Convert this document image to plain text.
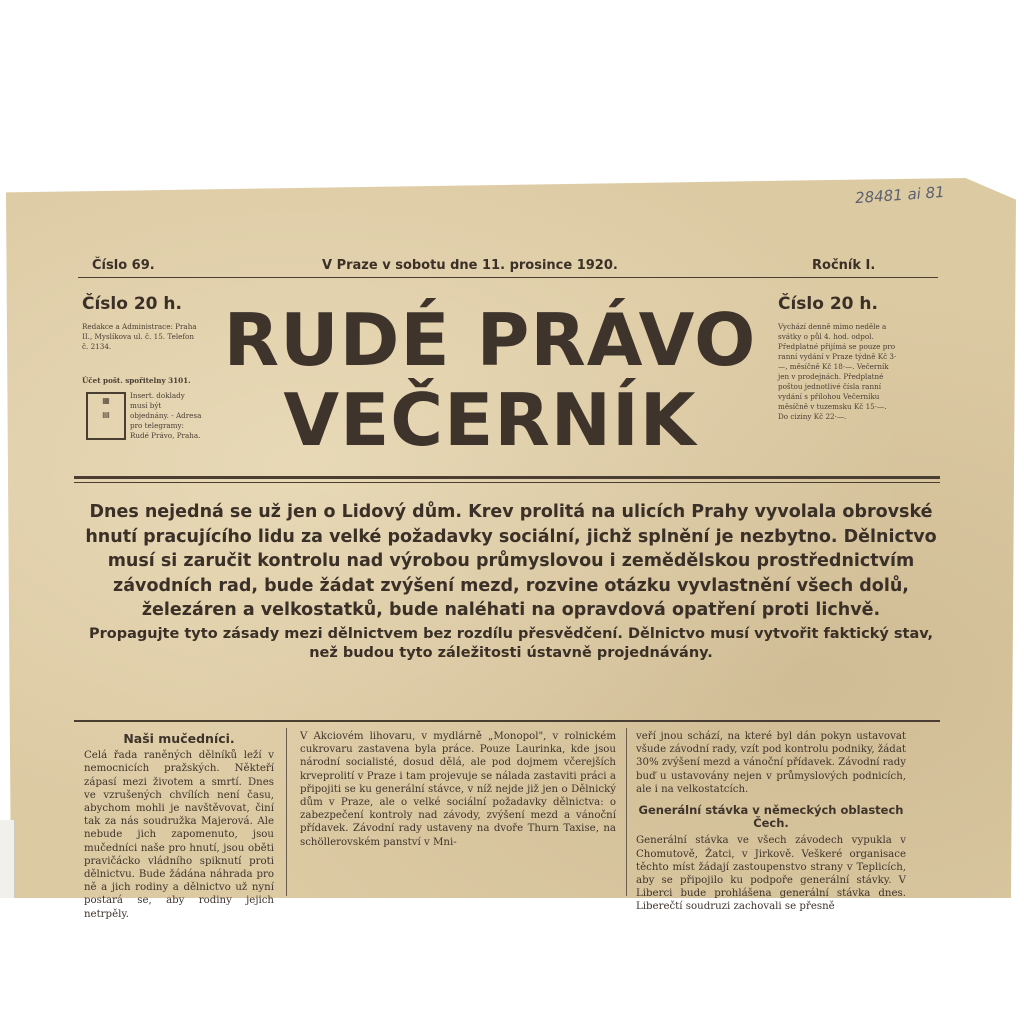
28481 ai 81
Číslo 69.	V Praze v sobotu dne 11. prosince 1920.	Ročník I.
Číslo 20 h.	Číslo 20 h.
Redakce a Administrace: Praha II., Myslíkova ul. č. 15. Telefon č. 2134.
Účet pošt. spořitelny 3101.
▦
▤
Insert. doklady musí být objednány. - Adresa pro telegramy: Rudé Právo, Praha.
Vychází denně mimo neděle a svátky o půl 4. hod. odpol. Předplatné přijímá se pouze pro ranní vydání v Praze týdně Kč 3·—, měsíčně Kč 18·—. Večerník jen v prodejnách. Předplatné poštou jednotlivé čísla ranní vydání s přílohou Večerníku měsíčně v tuzemsku Kč 15·—. Do ciziny Kč 22·—.
RUDÉ PRÁVO
VEČERNÍK
Dnes nejedná se už jen o Lidový dům. Krev prolitá na ulicích Prahy vyvolala obrovské hnutí pracujícího lidu za velké požadavky sociální, jichž splnění je nezbytno. Dělnictvo musí si zaručit kontrolu nad výrobou průmyslovou i zemědělskou prostřednictvím závodních rad, bude žádat zvýšení mezd, rozvine otázku vyvlastnění všech dolů, železáren a velkostatků, bude naléhati na opravdová opatření proti lichvě.
Propagujte tyto zásady mezi dělnictvem bez rozdílu přesvědčení. Dělnictvo musí vytvořit faktický stav, než budou tyto záležitosti ústavně projednávány.
Naši mučedníci.

Celá řada raněných dělníků leží v nemocnicích pražských. Někteří zápasí mezi životem a smrtí. Dnes ve vzrušených chvílích není času, abychom mohli je navštěvovat, činí tak za nás soudružka Majerová. Ale nebude jich zapomenuto, jsou mučedníci naše pro hnutí, jsou oběti pravičácko vládního spiknutí proti dělnictvu. Bude žádána náhrada pro ně a jich rodiny a dělnictvo už nyní postará se, aby rodiny jejich netrpěly.

V Akciovém lihovaru, v mydlárně „Monopol", v rolnickém cukrovaru zastavena byla práce. Pouze Laurinka, kde jsou národní socialisté, dosud dělá, ale pod dojmem včerejších krveprolití v Praze i tam projevuje se nálada zastaviti práci a připojiti se ku generální stávce, v níž nejde již jen o Dělnický dům v Praze, ale o velké sociální požadavky dělnictva: o zabezpečení kontroly nad závody, zvýšení mezd a vánoční přídavek. Závodní rady ustaveny na dvoře Thurn Taxise, na schöllerovském panství v Mni-

veří jnou schází, na které byl dán pokyn ustavovat všude závodní rady, vzít pod kontrolu podniky, žádat 30% zvýšení mezd a vánoční přídavek. Závodní rady buď u ustavovány nejen v průmyslových podnicích, ale i na velkostatcích.

Generální stávka v německých oblastech Čech.

Generální stávka ve všech závodech vypukla v Chomutově, Žatci, v Jirkově. Veškeré organisace těchto míst žádají zastoupenstvo strany v Teplicích, aby se připojilo ku podpoře generální stávky. V Liberci bude prohlášena generální stávka dnes. Liberečtí soudruzi zachovali se přesně
